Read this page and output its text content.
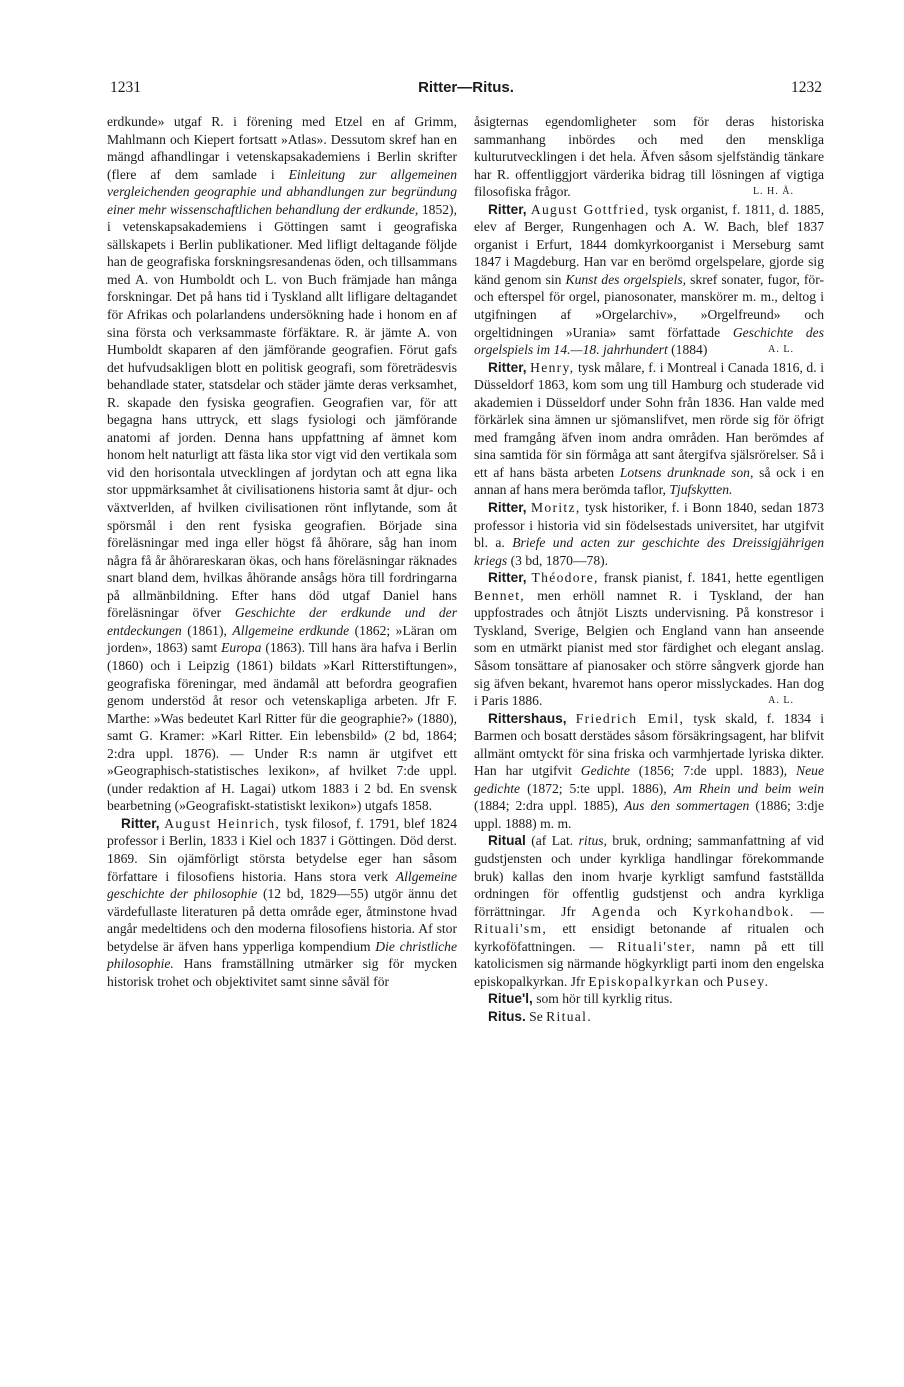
1231	Ritter—Ritus.	1232

erdkunde» utgaf R. i förening med Etzel en af Grimm, Mahlmann och Kiepert fortsatt »Atlas». Dessutom skref han en mängd afhandlingar i vetenskapsakademiens i Berlin skrifter (flere af dem samlade i Einleitung zur allgemeinen vergleichenden geographie und abhandlungen zur begründung einer mehr wissenschaftlichen behandlung der erdkunde, 1852), i vetenskapsakademiens i Göttingen samt i geografiska sällskapets i Berlin publikationer. Med lifligt deltagande följde han de geografiska forskningsresandenas öden, och tillsammans med A. von Humboldt och L. von Buch främjade han många forskningar. Det på hans tid i Tyskland allt lifligare deltagandet för Afrikas och polarlandens undersökning hade i honom en af sina första och verksammaste förfäktare. R. är jämte A. von Humboldt skaparen af den jämförande geografien. Förut gafs det hufvudsakligen blott en politisk geografi, som företrädesvis behandlade stater, statsdelar och städer jämte deras verksamhet, R. skapade den fysiska geografien. Geografien var, för att begagna hans uttryck, ett slags fysiologi och jämförande anatomi af jorden. Denna hans uppfattning af ämnet kom honom helt naturligt att fästa lika stor vigt vid den vertikala som vid den horisontala utvecklingen af jordytan och att egna lika stor uppmärksamhet åt civilisationens historia samt åt djur- och växtverlden, af hvilken civilisationen rönt inflytande, som åt spörsmål i den rent fysiska geografien. Började sina föreläsningar med inga eller högst få åhörare, såg han inom några få år åhörareskaran ökas, och hans föreläsningar räknades snart bland dem, hvilkas åhörande ansågs höra till fordringarna på allmänbildning. Efter hans död utgaf Daniel hans föreläsningar öfver Geschichte der erdkunde und der entdeckungen (1861), Allgemeine erdkunde (1862; »Läran om jorden», 1863) samt Europa (1863). Till hans ära hafva i Berlin (1860) och i Leipzig (1861) bildats »Karl Ritterstiftungen», geografiska föreningar, med ändamål att befordra geografien genom understöd åt resor och vetenskapliga arbeten. Jfr F. Marthe: »Was bedeutet Karl Ritter für die geographie?» (1880), samt G. Kramer: »Karl Ritter. Ein lebensbild» (2 bd, 1864; 2:dra uppl. 1876). — Under R:s namn är utgifvet ett »Geographisch-statistisches lexikon», af hvilket 7:de uppl. (under redaktion af H. Lagai) utkom 1883 i 2 bd. En svensk bearbetning (»Geografiskt-statistiskt lexikon») utgafs 1858.

Ritter, August Heinrich, tysk filosof, f. 1791, blef 1824 professor i Berlin, 1833 i Kiel och 1837 i Göttingen. Död derst. 1869. Sin ojämförligt största betydelse eger han såsom författare i filosofiens historia. Hans stora verk Allgemeine geschichte der philosophie (12 bd, 1829—55) utgör ännu det värdefullaste literaturen på detta område eger, åtminstone hvad angår medeltidens och den moderna filosofiens historia. Af stor betydelse är äfven hans ypperliga kompendium Die christliche philosophie. Hans framställning utmärker sig för mycken historisk trohet och objektivitet samt sinne såväl för

åsigternas egendomligheter som för deras historiska sammanhang inbördes och med den menskliga kulturutvecklingen i det hela. Äfven såsom sjelfständig tänkare har R. offentliggjort värderika bidrag till lösningen af vigtiga filosofiska frågor.	L. H. Å.

Ritter, August Gottfried, tysk organist, f. 1811, d. 1885, elev af Berger, Rungenhagen och A. W. Bach, blef 1837 organist i Erfurt, 1844 domkyrkoorganist i Merseburg samt 1847 i Magdeburg. Han var en berömd orgelspelare, gjorde sig känd genom sin Kunst des orgelspiels, skref sonater, fugor, för- och efterspel för orgel, pianosonater, manskörer m. m., deltog i utgifningen af »Orgelarchiv», »Orgelfreund» och orgeltidningen »Urania» samt författade Geschichte des orgelspiels im 14.—18. jahrhundert (1884)	A. L.

Ritter, Henry, tysk målare, f. i Montreal i Canada 1816, d. i Düsseldorf 1863, kom som ung till Hamburg och studerade vid akademien i Düsseldorf under Sohn från 1836. Han valde med förkärlek sina ämnen ur sjömanslifvet, men rörde sig för öfrigt med framgång äfven inom andra områden. Han berömdes af sina samtida för sin förmåga att sant återgifva själsrörelser. Så i ett af hans bästa arbeten Lotsens drunknade son, så ock i en annan af hans mera berömda taflor, Tjufskytten.

Ritter, Moritz, tysk historiker, f. i Bonn 1840, sedan 1873 professor i historia vid sin födelsestads universitet, har utgifvit bl. a. Briefe und acten zur geschichte des Dreissigjährigen kriegs (3 bd, 1870—78).

Ritter, Théodore, fransk pianist, f. 1841, hette egentligen Bennet, men erhöll namnet R. i Tyskland, der han uppfostrades och åtnjöt Liszts undervisning. På konstresor i Tyskland, Sverige, Belgien och England vann han anseende som en utmärkt pianist med stor färdighet och elegant anslag. Såsom tonsättare af pianosaker och större sångverk gjorde han sig äfven bekant, hvaremot hans operor misslyckades. Han dog i Paris 1886.	A. L.

Rittershaus, Friedrich Emil, tysk skald, f. 1834 i Barmen och bosatt derstädes såsom försäkringsagent, har blifvit allmänt omtyckt för sina friska och varmhjertade lyriska dikter. Han har utgifvit Gedichte (1856; 7:de uppl. 1883), Neue gedichte (1872; 5:te uppl. 1886), Am Rhein und beim wein (1884; 2:dra uppl. 1885), Aus den sommertagen (1886; 3:dje uppl. 1888) m. m.

Ritual (af Lat. ritus, bruk, ordning; sammanfattning af vid gudstjensten och under kyrkliga handlingar förekommande bruk) kallas den inom hvarje kyrkligt samfund fastställda ordningen för offentlig gudstjenst och andra kyrkliga förrättningar. Jfr Agenda och Kyrkohandbok. — Rituali'sm, ett ensidigt betonande af ritualen och kyrkoföfattningen. — Rituali'ster, namn på ett till katolicismen sig närmande högkyrkligt parti inom den engelska episkopalkyrkan. Jfr Episkopalkyrkan och Pusey.

Ritue'l, som hör till kyrklig ritus.

Ritus. Se Ritual.
